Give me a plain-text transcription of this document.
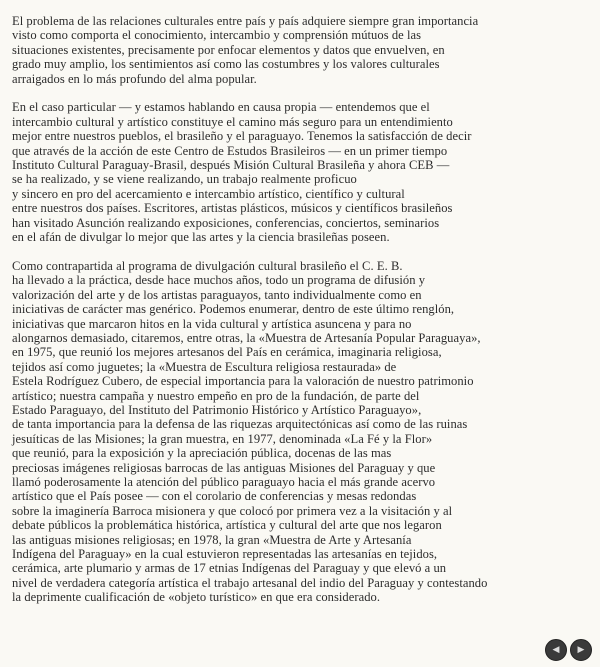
El problema de las relaciones culturales entre país y país adquiere siempre gran importancia
visto como comporta el conocimiento, intercambio y comprensión mútuos de las
situaciones existentes, precisamente por enfocar elementos y datos que envuelven, en
grado muy amplio, los sentimientos así como las costumbres y los valores culturales
arraigados en lo más profundo del alma popular.
En el caso particular — y estamos hablando en causa propia — entendemos que el
intercambio cultural y artístico constituye el camino más seguro para un entendimiento
mejor entre nuestros pueblos, el brasileño y el paraguayo. Tenemos la satisfacción de decir
que através de la acción de este Centro de Estudos Brasileiros — en un primer tiempo
Instituto Cultural Paraguay-Brasil, después Misión Cultural Brasileña y ahora CEB —
se ha realizado, y se viene realizando, un trabajo realmente proficuo
y sincero en pro del acercamiento e intercambio artístico, científico y cultural
entre nuestros dos países. Escritores, artistas plásticos, músicos y científicos brasileños
han visitado Asunción realizando exposiciones, conferencias, conciertos, seminarios
en el afán de divulgar lo mejor que las artes y la ciencia brasileñas poseen.
Como contrapartida al programa de divulgación cultural brasileño el C. E. B.
ha llevado a la práctica, desde hace muchos años, todo un programa de difusión y
valorización del arte y de los artistas paraguayos, tanto individualmente como en
iniciativas de carácter mas genérico. Podemos enumerar, dentro de este último renglón,
iniciativas que marcaron hitos en la vida cultural y artística asuncena y para no
alongarnos demasiado, citaremos, entre otras, la «Muestra de Artesanía Popular Paraguaya»,
en 1975, que reunió los mejores artesanos del País en cerámica, imaginaria religiosa,
tejidos así como juguetes; la «Muestra de Escultura religiosa restaurada» de
Estela Rodríguez Cubero, de especial importancia para la valoración de nuestro patrimonio
artístico; nuestra campaña y nuestro empeño en pro de la fundación, de parte del
Estado Paraguayo, del Instituto del Patrimonio Histórico y Artístico Paraguayo»,
de tanta importancia para la defensa de las riquezas arquitectónicas así como de las ruinas
jesuíticas de las Misiones; la gran muestra, en 1977, denominada «La Fé y la Flor»
que reunió, para la exposición y la apreciación pública, docenas de las mas
preciosas imágenes religiosas barrocas de las antiguas Misiones del Paraguay y que
llamó poderosamente la atención del público paraguayo hacia el más grande acervo
artístico que el País posee — con el corolario de conferencias y mesas redondas
sobre la imaginería Barroca misionera y que colocó por primera vez a la visitación y al
debate públicos la problemática histórica, artística y cultural del arte que nos legaron
las antiguas misiones religiosas; en 1978, la gran «Muestra de Arte y Artesanía
Indígena del Paraguay» en la cual estuvieron representadas las artesanías en tejidos,
cerámica, arte plumario y armas de 17 etnias Indígenas del Paraguay y que elevó a un
nivel de verdadera categoría artística el trabajo artesanal del indio del Paraguay y contestando
la deprimente cualificación de «objeto turístico» en que era considerado.
◀ ▶
